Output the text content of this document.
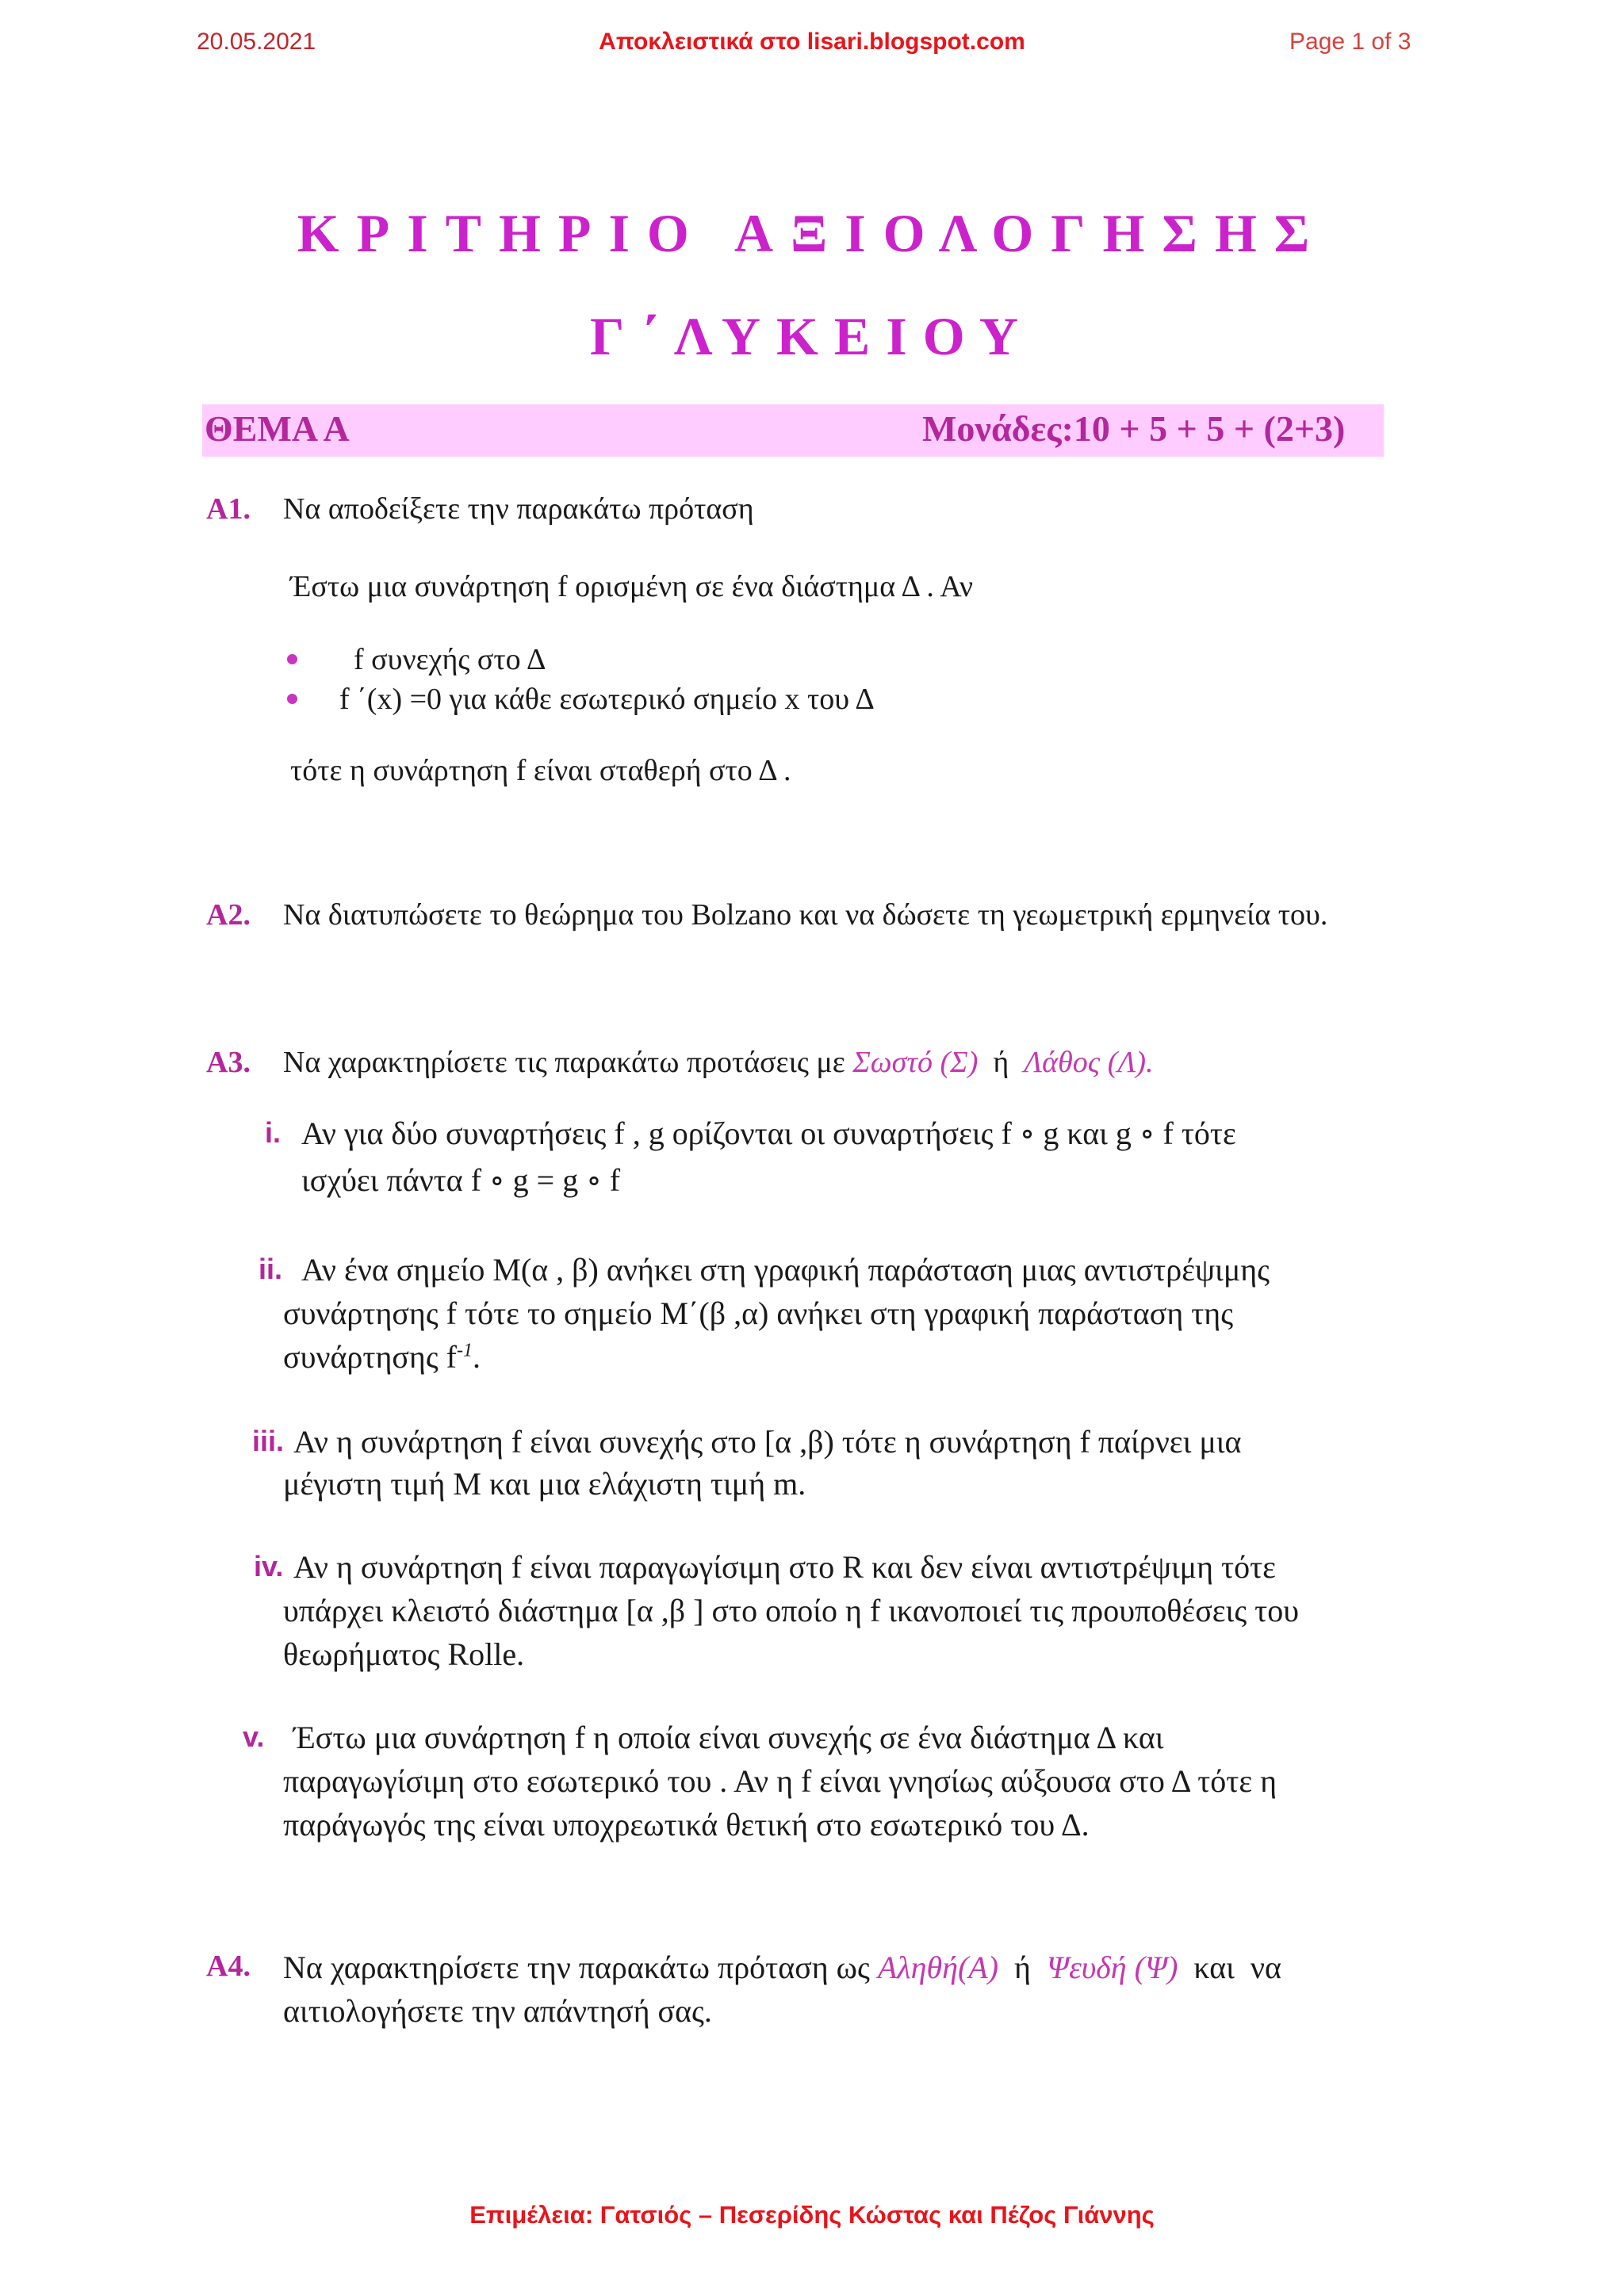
20.05.2021	Αποκλειστικά στο lisari.blogspot.com	Page 1 of 3
ΚΡΙΤΗΡΙΟ ΑΞΙΟΛΟΓΗΣΗΣ
Γ΄ΛΥΚΕΙΟΥ
ΘΕΜΑ Α	Μονάδες:10 + 5 + 5 + (2+3)
Α1. Να αποδείξετε την παρακάτω πρόταση
Έστω μια συνάρτηση f ορισμένη σε ένα διάστημα Δ . Αν
f συνεχής στο Δ
f ΄(x) =0 για κάθε εσωτερικό σημείο x του Δ
τότε η συνάρτηση f είναι σταθερή στο Δ .
Α2. Να διατυπώσετε το θεώρημα του Bolzano και να δώσετε τη γεωμετρική ερμηνεία του.
Α3. Να χαρακτηρίσετε τις παρακάτω προτάσεις με Σωστό (Σ)  ή  Λάθος (Λ).
i. Αν για δύο συναρτήσεις f , g ορίζονται οι συναρτήσεις f ∘ g και g ∘ f τότε
ισχύει πάντα f ∘ g = g ∘ f
ii. Αν ένα σημείο Μ(α , β) ανήκει στη γραφική παράσταση μιας αντιστρέψιμης
συνάρτησης f τότε το σημείο Μ΄(β ,α) ανήκει στη γραφική παράσταση της
συνάρτησης $f^{-1}$.
iii. Αν η συνάρτηση f είναι συνεχής στο [α ,β) τότε η συνάρτηση f παίρνει μια
μέγιστη τιμή M και μια ελάχιστη τιμή m.
iv. Αν η συνάρτηση f είναι παραγωγίσιμη στο R και δεν είναι αντιστρέψιμη τότε
υπάρχει κλειστό διάστημα [α ,β ] στο οποίο η f ικανοποιεί τις προυποθέσεις του
θεωρήματος Rolle.
v. Έστω μια συνάρτηση f η οποία είναι συνεχής σε ένα διάστημα Δ και
παραγωγίσιμη στο εσωτερικό του . Αν η f είναι γνησίως αύξουσα στο Δ τότε η
παράγωγός της είναι υποχρεωτικά θετική στο εσωτερικό του Δ.
Α4. Να χαρακτηρίσετε την παρακάτω πρόταση ως Αληθή(Α)  ή  Ψευδή (Ψ)  και  να
αιτιολογήσετε την απάντησή σας.
Επιμέλεια: Γατσιός – Πεσερίδης Κώστας και Πέζος Γιάννης
